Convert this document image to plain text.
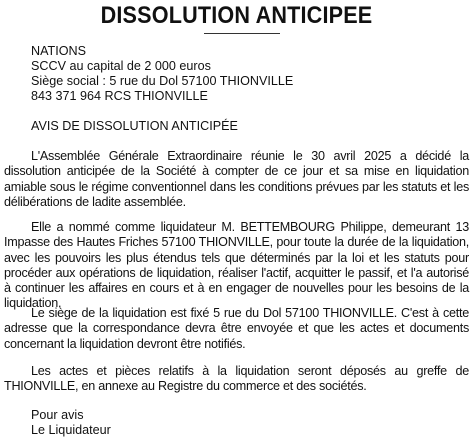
DISSOLUTION ANTICIPEE

NATIONS

SCCV au capital de 2 000 euros

Siège social : 5 rue du Dol 57100 THIONVILLE

843 371 964 RCS THIONVILLE

AVIS DE DISSOLUTION ANTICIPÉE

L'Assemblée Générale Extraordinaire réunie le 30 avril 2025 a décidé la dissolution anticipée de la Société à compter de ce jour et sa mise en liquidation amiable sous le régime conventionnel dans les conditions prévues par les statuts et les délibérations de ladite assemblée.

Elle a nommé comme liquidateur M. BETTEMBOURG Philippe, demeurant 13 Impasse des Hautes Friches 57100 THIONVILLE, pour toute la durée de la liquidation, avec les pouvoirs les plus étendus tels que déterminés par la loi et les statuts pour procéder aux opérations de liquidation, réaliser l'actif, acquitter le passif, et l'a autorisé à continuer les affaires en cours et à en engager de nouvelles pour les besoins de la liquidation.

Le siège de la liquidation est fixé 5 rue du Dol 57100 THIONVILLE. C'est à cette adresse que la correspondance devra être envoyée et que les actes et documents concernant la liquidation devront être notifiés.

Les actes et pièces relatifs à la liquidation seront déposés au greffe de THIONVILLE, en annexe au Registre du commerce et des sociétés.

Pour avis

Le Liquidateur
